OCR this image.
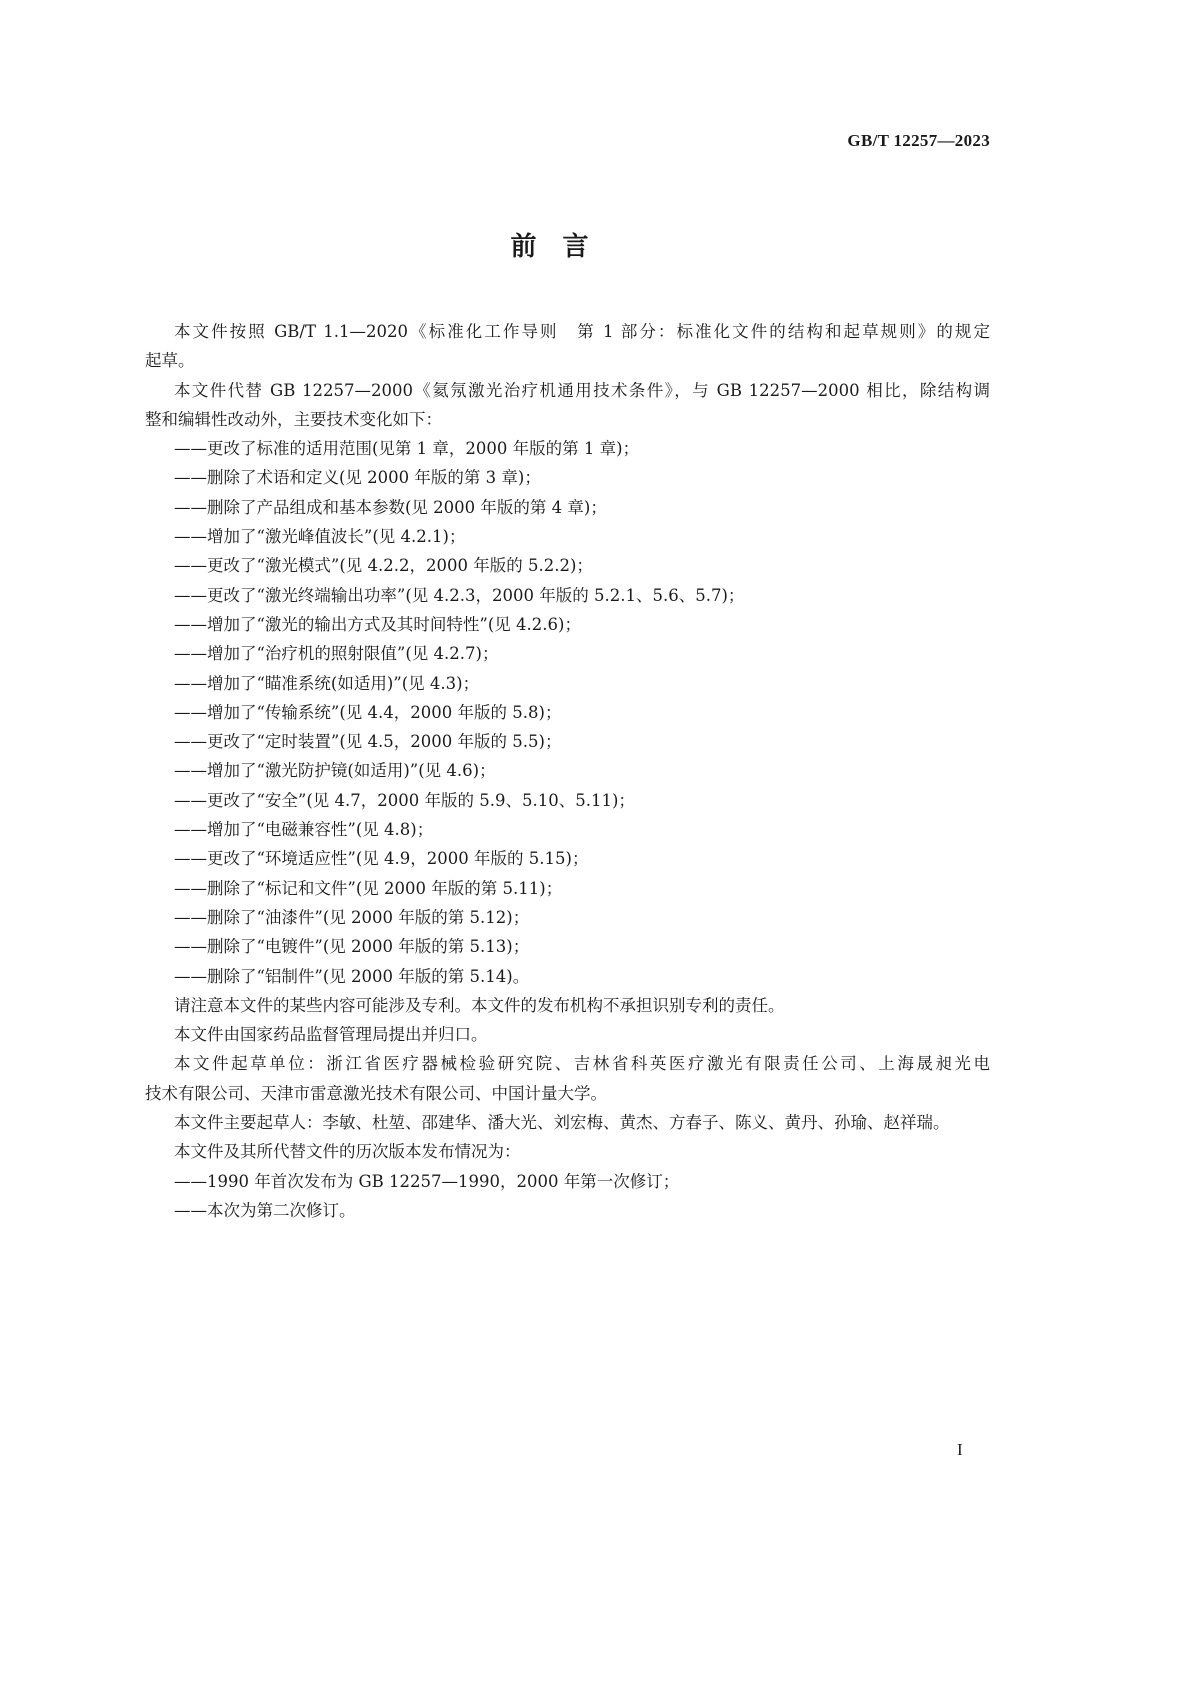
GB/T 12257—2023
前言
本文件按照 GB/T 1.1—2020《标准化工作导则　第 1 部分：标准化文件的结构和起草规则》的规定
起草。
本文件代替 GB 12257—2000《氦氖激光治疗机通用技术条件》，与 GB 12257—2000 相比，除结构调
整和编辑性改动外，主要技术变化如下：
——更改了标准的适用范围(见第 1 章，2000 年版的第 1 章)；
——删除了术语和定义(见 2000 年版的第 3 章)；
——删除了产品组成和基本参数(见 2000 年版的第 4 章)；
——增加了“激光峰值波长”(见 4.2.1)；
——更改了“激光模式”(见 4.2.2，2000 年版的 5.2.2)；
——更改了“激光终端输出功率”(见 4.2.3，2000 年版的 5.2.1、5.6、5.7)；
——增加了“激光的输出方式及其时间特性”(见 4.2.6)；
——增加了“治疗机的照射限值”(见 4.2.7)；
——增加了“瞄准系统(如适用)”(见 4.3)；
——增加了“传输系统”(见 4.4，2000 年版的 5.8)；
——更改了“定时装置”(见 4.5，2000 年版的 5.5)；
——增加了“激光防护镜(如适用)”(见 4.6)；
——更改了“安全”(见 4.7，2000 年版的 5.9、5.10、5.11)；
——增加了“电磁兼容性”(见 4.8)；
——更改了“环境适应性”(见 4.9，2000 年版的 5.15)；
——删除了“标记和文件”(见 2000 年版的第 5.11)；
——删除了“油漆件”(见 2000 年版的第 5.12)；
——删除了“电镀件”(见 2000 年版的第 5.13)；
——删除了“铝制件”(见 2000 年版的第 5.14)。
请注意本文件的某些内容可能涉及专利。本文件的发布机构不承担识别专利的责任。
本文件由国家药品监督管理局提出并归口。
本文件起草单位：浙江省医疗器械检验研究院、吉林省科英医疗激光有限责任公司、上海晟昶光电
技术有限公司、天津市雷意激光技术有限公司、中国计量大学。
本文件主要起草人：李敏、杜堃、邵建华、潘大光、刘宏梅、黄杰、方春子、陈义、黄丹、孙瑜、赵祥瑞。
本文件及其所代替文件的历次版本发布情况为：
——1990 年首次发布为 GB 12257—1990，2000 年第一次修订；
——本次为第二次修订。
I
